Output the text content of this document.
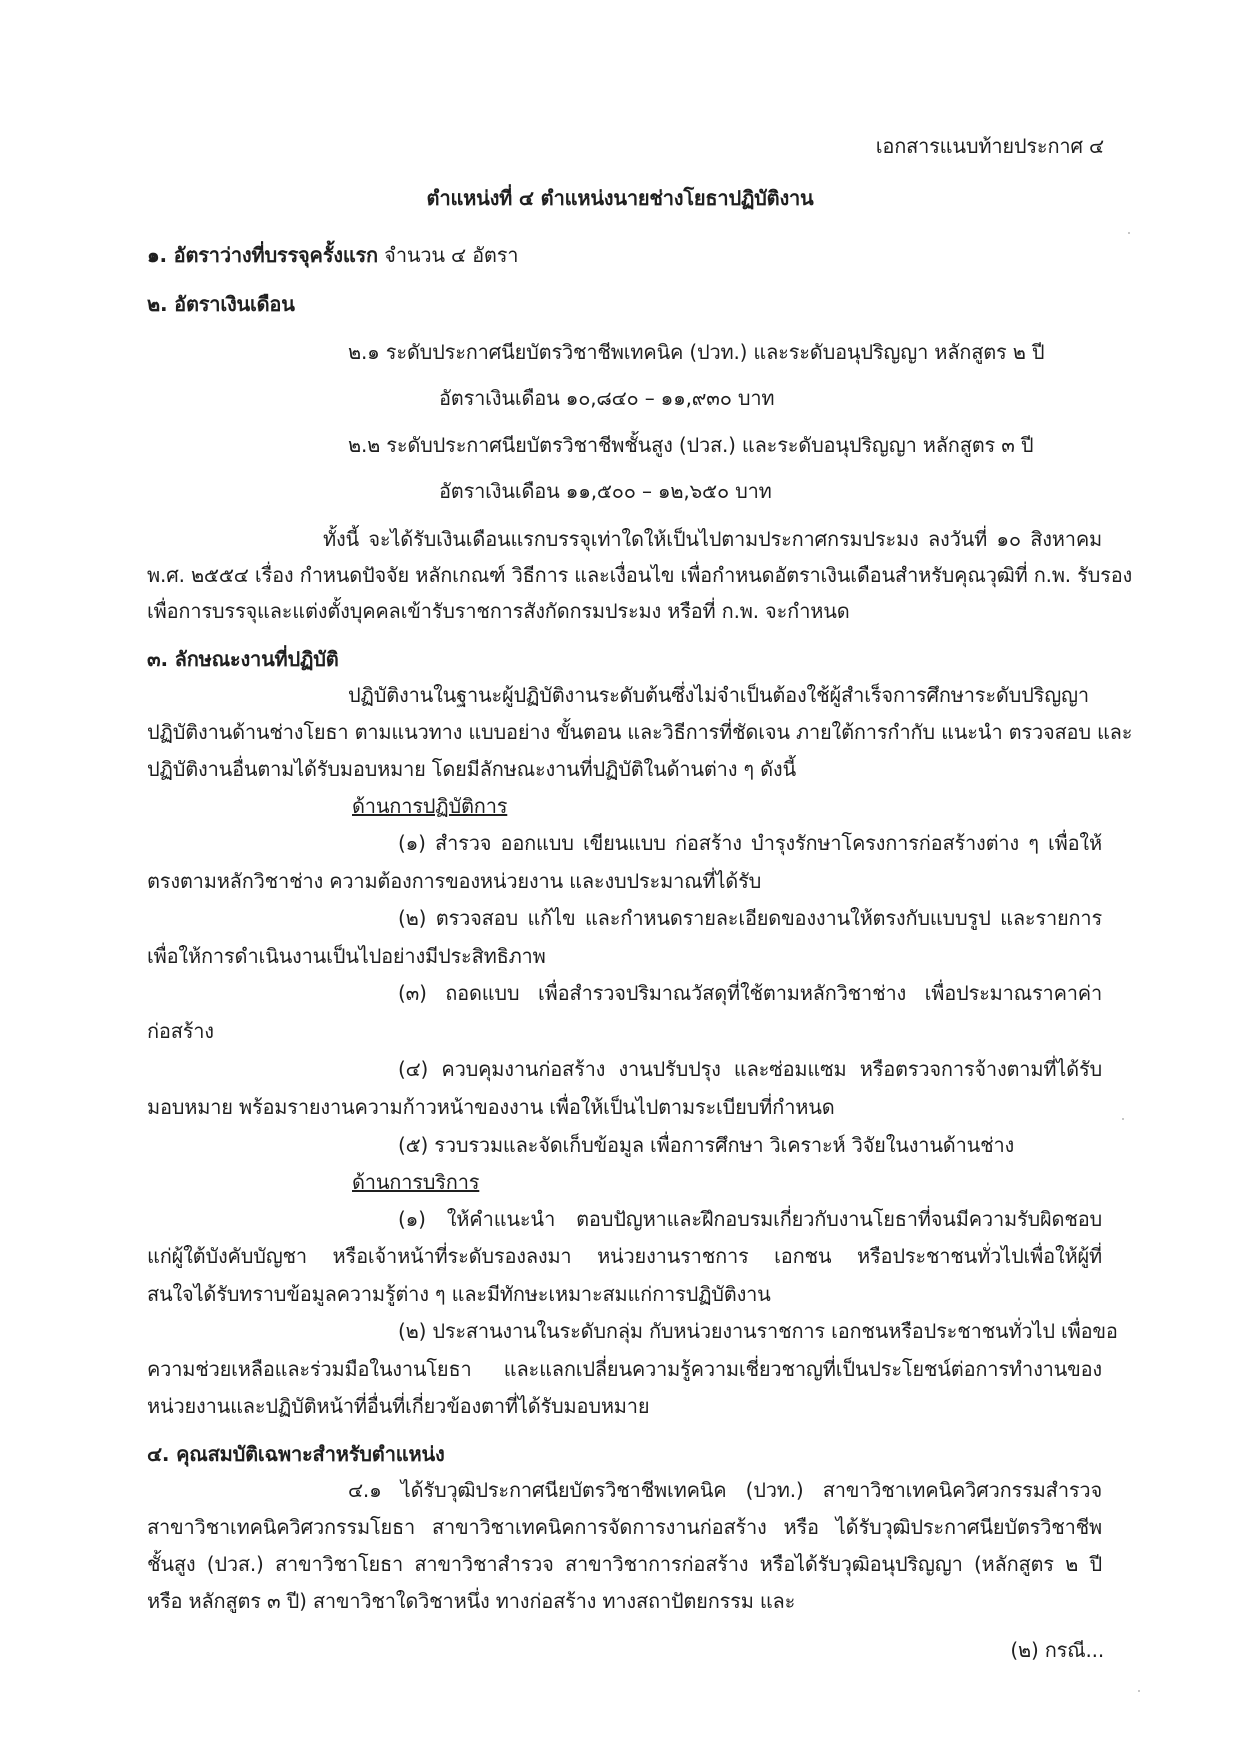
เอกสารแนบท้ายประกาศ ๔
ตำแหน่งที่ ๔ ตำแหน่งนายช่างโยธาปฏิบัติงาน
๑. อัตราว่างที่บรรจุครั้งแรก จำนวน ๔ อัตรา
๒. อัตราเงินเดือน
๒.๑ ระดับประกาศนียบัตรวิชาชีพเทคนิค (ปวท.) และระดับอนุปริญญา หลักสูตร ๒ ปี
อัตราเงินเดือน ๑๐,๘๔๐ – ๑๑,๙๓๐ บาท
๒.๒ ระดับประกาศนียบัตรวิชาชีพชั้นสูง (ปวส.) และระดับอนุปริญญา หลักสูตร ๓ ปี
อัตราเงินเดือน ๑๑,๕๐๐ – ๑๒,๖๕๐ บาท
ทั้งนี้ จะได้รับเงินเดือนแรกบรรจุเท่าใดให้เป็นไปตามประกาศกรมประมง ลงวันที่ ๑๐ สิงหาคม
พ.ศ. ๒๕๕๔ เรื่อง กำหนดปัจจัย หลักเกณฑ์ วิธีการ และเงื่อนไข เพื่อกำหนดอัตราเงินเดือนสำหรับคุณวุฒิที่ ก.พ. รับรอง
เพื่อการบรรจุและแต่งตั้งบุคคลเข้ารับราชการสังกัดกรมประมง หรือที่ ก.พ. จะกำหนด
๓. ลักษณะงานที่ปฏิบัติ
ปฏิบัติงานในฐานะผู้ปฏิบัติงานระดับต้นซึ่งไม่จำเป็นต้องใช้ผู้สำเร็จการศึกษาระดับปริญญา
ปฏิบัติงานด้านช่างโยธา ตามแนวทาง แบบอย่าง ขั้นตอน และวิธีการที่ชัดเจน ภายใต้การกำกับ แนะนำ ตรวจสอบ และ
ปฏิบัติงานอื่นตามได้รับมอบหมาย โดยมีลักษณะงานที่ปฏิบัติในด้านต่าง ๆ ดังนี้
ด้านการปฏิบัติการ
(๑) สำรวจ ออกแบบ เขียนแบบ ก่อสร้าง บำรุงรักษาโครงการก่อสร้างต่าง ๆ เพื่อให้
ตรงตามหลักวิชาช่าง ความต้องการของหน่วยงาน และงบประมาณที่ได้รับ
(๒) ตรวจสอบ แก้ไข และกำหนดรายละเอียดของงานให้ตรงกับแบบรูป และรายการ
เพื่อให้การดำเนินงานเป็นไปอย่างมีประสิทธิภาพ
(๓) ถอดแบบ เพื่อสำรวจปริมาณวัสดุที่ใช้ตามหลักวิชาช่าง เพื่อประมาณราคาค่า
ก่อสร้าง
(๔) ควบคุมงานก่อสร้าง งานปรับปรุง และซ่อมแซม หรือตรวจการจ้างตามที่ได้รับ
มอบหมาย พร้อมรายงานความก้าวหน้าของงาน เพื่อให้เป็นไปตามระเบียบที่กำหนด
(๕) รวบรวมและจัดเก็บข้อมูล เพื่อการศึกษา วิเคราะห์ วิจัยในงานด้านช่าง
ด้านการบริการ
(๑) ให้คำแนะนำ ตอบปัญหาและฝึกอบรมเกี่ยวกับงานโยธาที่จนมีความรับผิดชอบ
แก่ผู้ใต้บังคับบัญชา หรือเจ้าหน้าที่ระดับรองลงมา หน่วยงานราชการ เอกชน หรือประชาชนทั่วไปเพื่อให้ผู้ที่
สนใจได้รับทราบข้อมูลความรู้ต่าง ๆ และมีทักษะเหมาะสมแก่การปฏิบัติงาน
(๒) ประสานงานในระดับกลุ่ม กับหน่วยงานราชการ เอกชนหรือประชาชนทั่วไป เพื่อขอ
ความช่วยเหลือและร่วมมือในงานโยธา และแลกเปลี่ยนความรู้ความเชี่ยวชาญที่เป็นประโยชน์ต่อการทำงานของ
หน่วยงานและปฏิบัติหน้าที่อื่นที่เกี่ยวข้องตาที่ได้รับมอบหมาย
๔. คุณสมบัติเฉพาะสำหรับตำแหน่ง
๔.๑ ได้รับวุฒิประกาศนียบัตรวิชาชีพเทคนิค (ปวท.) สาขาวิชาเทคนิควิศวกรรมสำรวจ
สาขาวิชาเทคนิควิศวกรรมโยธา สาขาวิชาเทคนิคการจัดการงานก่อสร้าง หรือ ได้รับวุฒิประกาศนียบัตรวิชาชีพ
ชั้นสูง (ปวส.) สาขาวิชาโยธา สาขาวิชาสำรวจ สาขาวิชาการก่อสร้าง หรือได้รับวุฒิอนุปริญญา (หลักสูตร ๒ ปี
หรือ หลักสูตร ๓ ปี) สาขาวิชาใดวิชาหนึ่ง ทางก่อสร้าง ทางสถาปัตยกรรม และ
(๒) กรณี...
